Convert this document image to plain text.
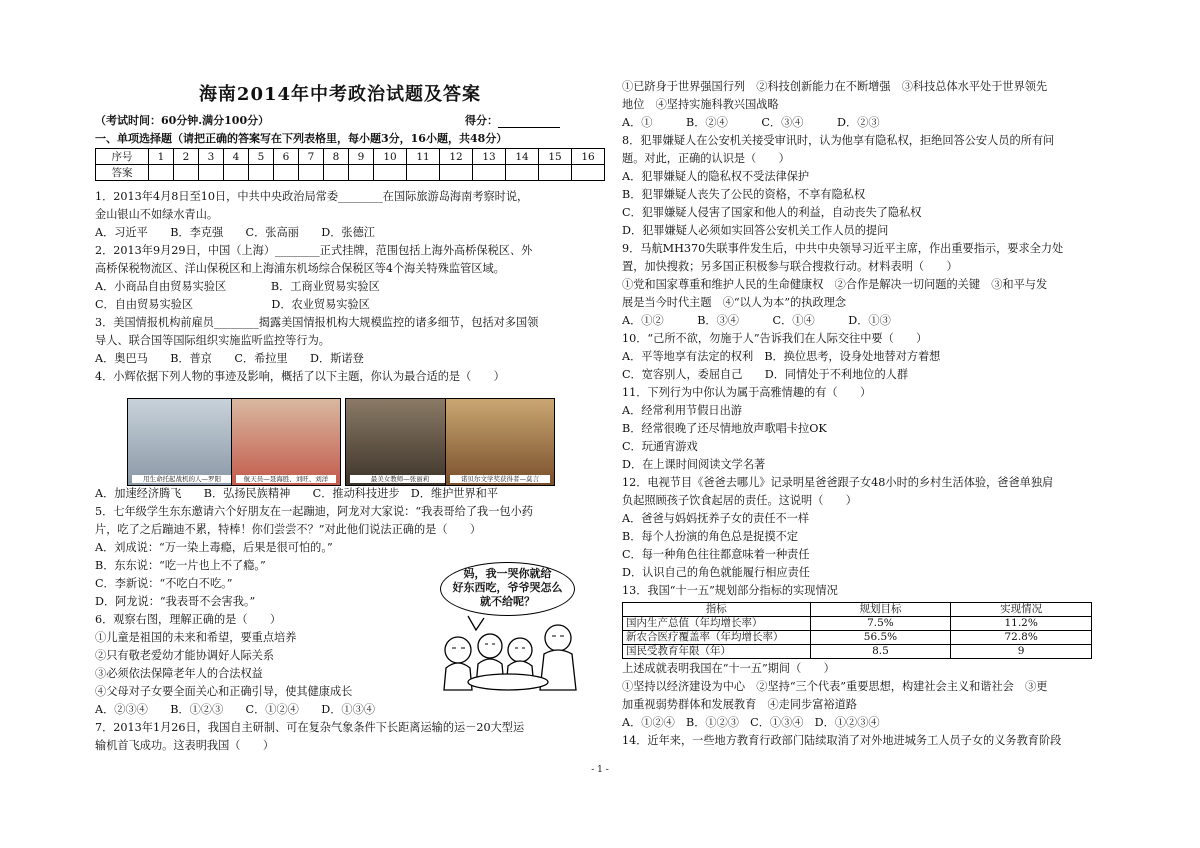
海南2014年中考政治试题及答案
（考试时间：60分钟.满分100分）	得分：
一、单项选择题（请把正确的答案写在下列表格里，每小题3分，16小题，共48分）
序号	1	2	3	4	5	6	7	8	9	10	11	12	13	14	15	16
答案																

1．2013年4月8日至10日，中共中央政治局常委________在国际旅游岛海南考察时说，

金山银山不如绿水青山。

A．习近平　　B．李克强　　C．张高丽　　D．张德江

2．2013年9月29日，中国（上海）________正式挂牌，范围包括上海外高桥保税区、外

高桥保税物流区、洋山保税区和上海浦东机场综合保税区等4个海关特殊监管区域。

A．小商品自由贸易实验区　　　　B．工商业贸易实验区

C．自由贸易实验区　　　　　　　D．农业贸易实验区

3．美国情报机构前雇员________揭露美国情报机构大规模监控的诸多细节，包括对多国领

导人、联合国等国际组织实施监听监控等行为。

A．奥巴马　　B．普京　　C．希拉里　　D．斯诺登

4．小辉依据下列人物的事迹及影响，概括了以下主题，你认为最合适的是（　　）

用生命托起战机的人—罗阳	航天员—聂海胜、刘旺、刘洋	最美女教师—张丽莉	诺贝尔文学奖获得者—莫言

A．加速经济腾飞　　B．弘扬民族精神　　C．推动科技进步　D．维护世界和平

5．七年级学生东东邀请六个好朋友在一起蹦迪，阿龙对大家说：“我表哥给了我一包小药

片，吃了之后蹦迪不累，特棒！你们尝尝不？”对此他们说法正确的是（　　）

A．刘成说：“万一染上毒瘾，后果是很可怕的。”

B．东东说：“吃一片也上不了瘾。”

C．李新说：“不吃白不吃。”

D．阿龙说：“我表哥不会害我。”

6．观察右图，理解正确的是（　　）

①儿童是祖国的未来和希望，要重点培养

②只有敬老爱幼才能协调好人际关系

③必须依法保障老年人的合法权益

④父母对子女要全面关心和正确引导，使其健康成长

A．②③④　　B．①②③　　C．①②④　　D．①③④

7．2013年1月26日，我国自主研制、可在复杂气象条件下长距离运输的运－20大型运

输机首飞成功。这表明我国（　　）

妈，我一哭你就给
好东西吃，爷爷哭怎么
就不给呢？

①已跻身于世界强国行列　②科技创新能力在不断增强　③科技总体水平处于世界领先

地位　④坚持实施科教兴国战略

A．①　　　B．②④　　　C．③④　　　D．②③

8．犯罪嫌疑人在公安机关接受审讯时，认为他享有隐私权，拒绝回答公安人员的所有问

题。对此，正确的认识是（　　）

A．犯罪嫌疑人的隐私权不受法律保护

B．犯罪嫌疑人丧失了公民的资格，不享有隐私权

C．犯罪嫌疑人侵害了国家和他人的利益，自动丧失了隐私权

D．犯罪嫌疑人必须如实回答公安机关工作人员的提问

9．马航MH370失联事件发生后，中共中央领导习近平主席，作出重要指示，要求全力处

置，加快搜救；另多国正积极参与联合搜救行动。材料表明（　　）

①党和国家尊重和维护人民的生命健康权　②合作是解决一切问题的关键　③和平与发

展是当今时代主题　④“以人为本”的执政理念

A．①②　　　B．③④　　　C．①④　　　D．①③

10．“己所不欲，勿施于人”告诉我们在人际交往中要（　　）

A．平等地享有法定的权利　B．换位思考，设身处地替对方着想

C．宽容别人，委屈自己　　D．同情处于不利地位的人群

11．下列行为中你认为属于高雅情趣的有（　　）

A．经常利用节假日出游

B．经常很晚了还尽情地放声歌唱卡拉OK

C．玩通宵游戏

D．在上课时间阅读文学名著

12．电视节目《爸爸去哪儿》记录明星爸爸跟子女48小时的乡村生活体验，爸爸单独肩

负起照顾孩子饮食起居的责任。这说明（　　）

A．爸爸与妈妈抚养子女的责任不一样

B．每个人扮演的角色总是捉摸不定

C．每一种角色往往都意味着一种责任

D．认识自己的角色就能履行相应责任

13．我国“十一五”规划部分指标的实现情况

指标	规划目标	实现情况
国内生产总值（年均增长率）	7.5%	11.2%
新农合医疗覆盖率（年均增长率）	56.5%	72.8%
国民受教育年限（年）	8.5	9

上述成就表明我国在“十一五”期间（　　）

①坚持以经济建设为中心　②坚持“三个代表”重要思想，构建社会主义和谐社会　③更

加重视弱势群体和发展教育　④走同步富裕道路

A．①②④　B．①②③　C．①③④　D．①②③④

14．近年来，一些地方教育行政部门陆续取消了对外地进城务工人员子女的义务教育阶段

- 1 -
